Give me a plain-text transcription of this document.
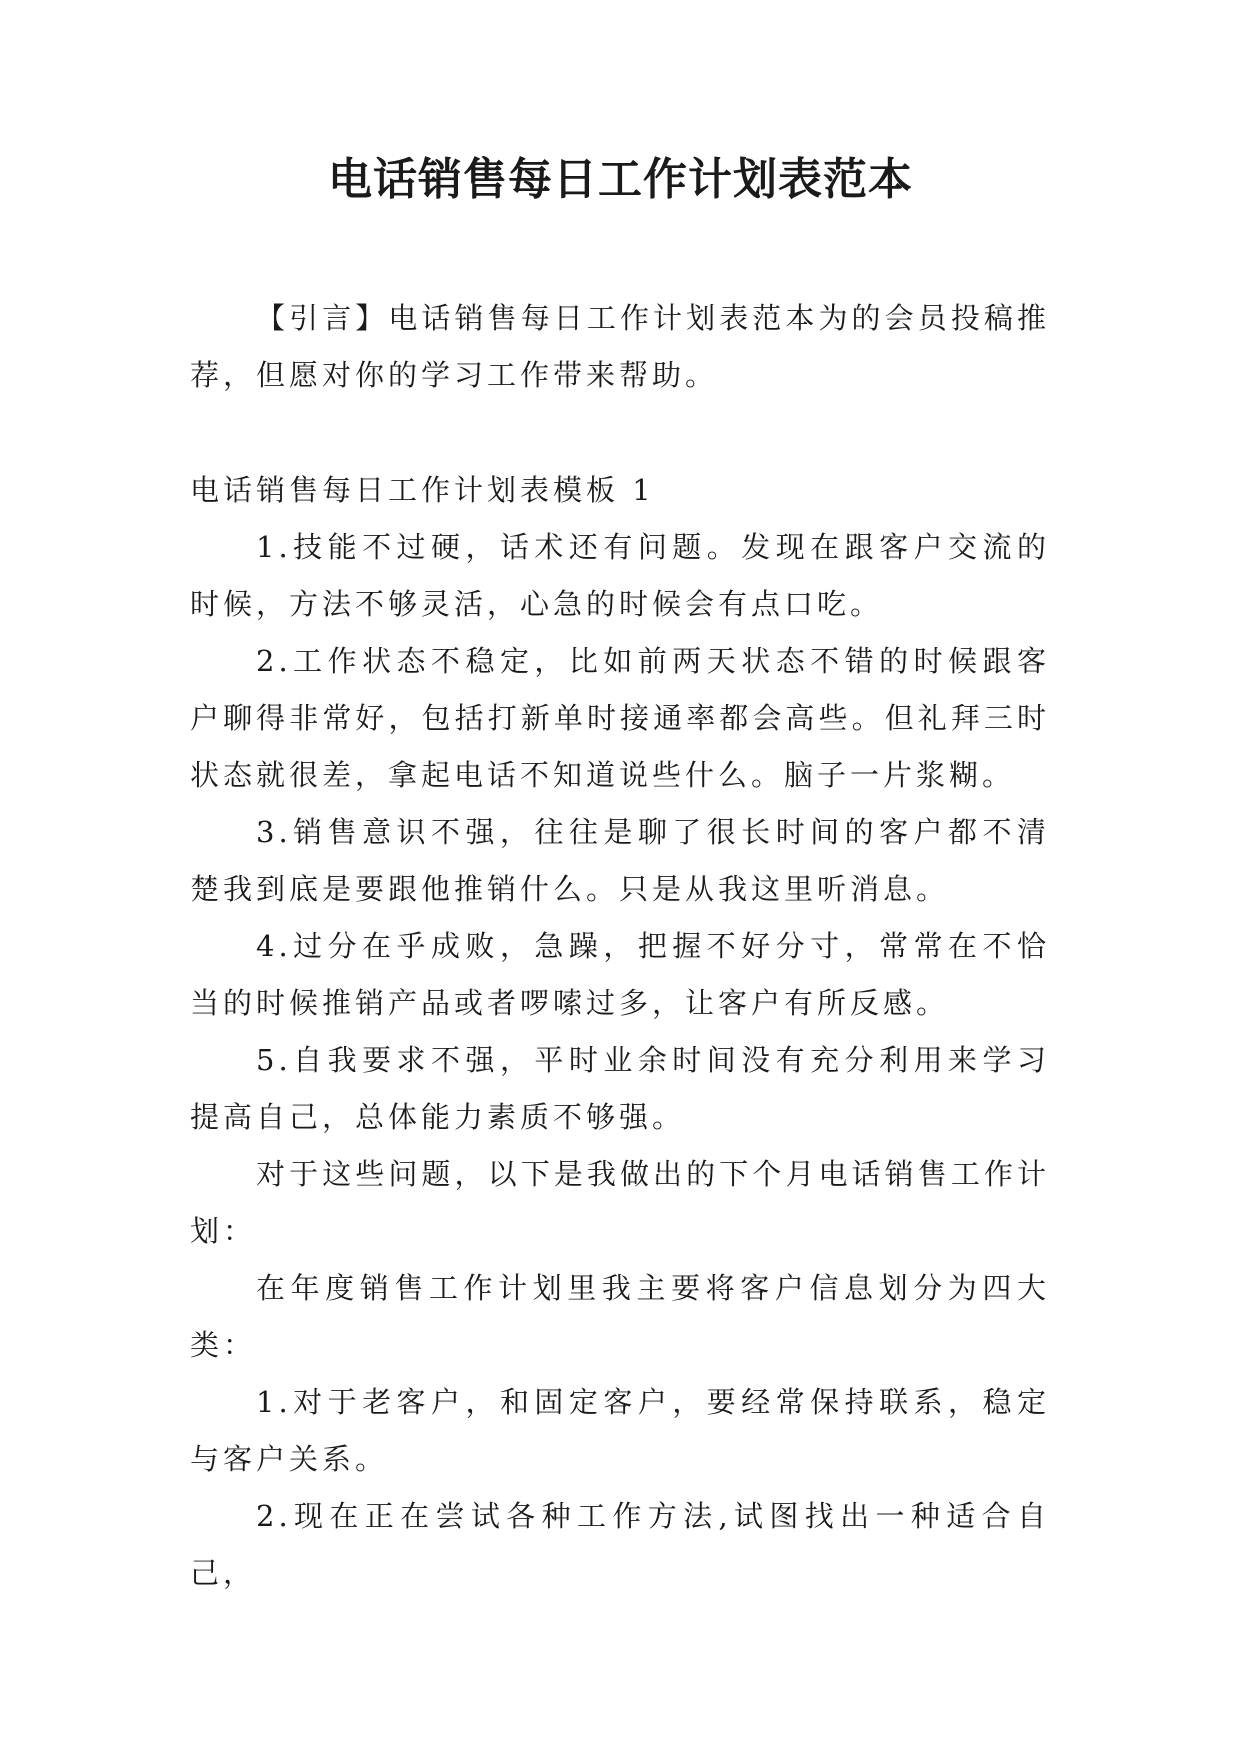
电话销售每日工作计划表范本

【引言】电话销售每日工作计划表范本为的会员投稿推荐，但愿对你的学习工作带来帮助。

电话销售每日工作计划表模板 1

1.技能不过硬，话术还有问题。发现在跟客户交流的时候，方法不够灵活，心急的时候会有点口吃。

2.工作状态不稳定，比如前两天状态不错的时候跟客户聊得非常好，包括打新单时接通率都会高些。但礼拜三时状态就很差，拿起电话不知道说些什么。脑子一片浆糊。

3.销售意识不强，往往是聊了很长时间的客户都不清楚我到底是要跟他推销什么。只是从我这里听消息。

4.过分在乎成败，急躁，把握不好分寸，常常在不恰当的时候推销产品或者啰嗦过多，让客户有所反感。

5.自我要求不强，平时业余时间没有充分利用来学习提高自己，总体能力素质不够强。

对于这些问题，以下是我做出的下个月电话销售工作计划：

在年度销售工作计划里我主要将客户信息划分为四大类：

1.对于老客户，和固定客户，要经常保持联系，稳定与客户关系。

2.现在正在尝试各种工作方法,试图找出一种适合自己，
